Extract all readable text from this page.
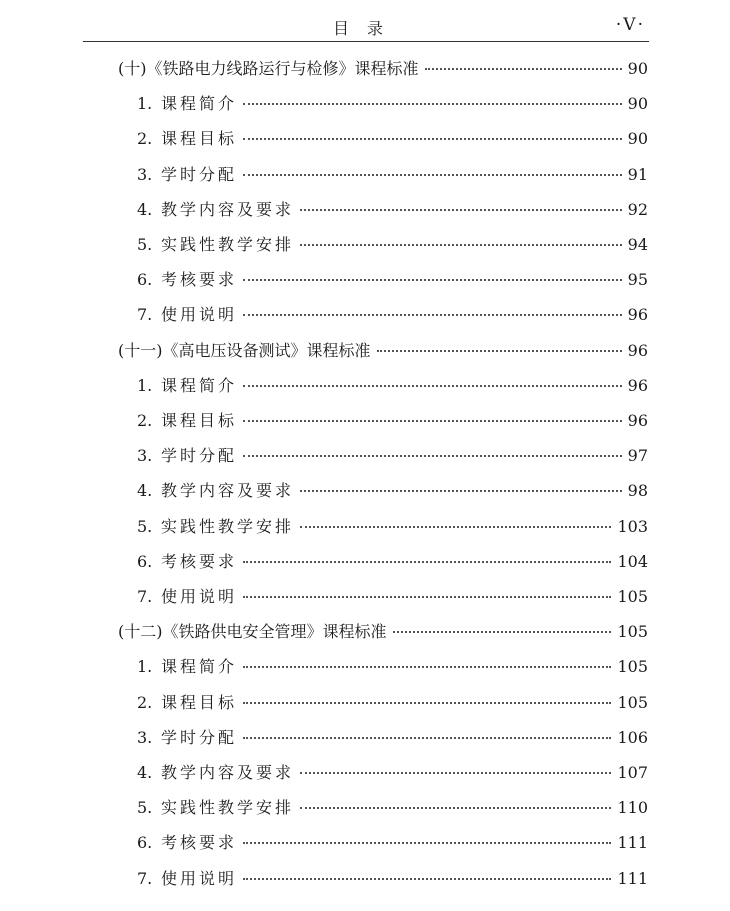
目录	·V·
(十)《铁路电力线路运行与检修》课程标准	90
1. 课程简介	90
2. 课程目标	90
3. 学时分配	91
4. 教学内容及要求	92
5. 实践性教学安排	94
6. 考核要求	95
7. 使用说明	96
(十一)《高电压设备测试》课程标准	96
1. 课程简介	96
2. 课程目标	96
3. 学时分配	97
4. 教学内容及要求	98
5. 实践性教学安排	103
6. 考核要求	104
7. 使用说明	105
(十二)《铁路供电安全管理》课程标准	105
1. 课程简介	105
2. 课程目标	105
3. 学时分配	106
4. 教学内容及要求	107
5. 实践性教学安排	110
6. 考核要求	111
7. 使用说明	111
